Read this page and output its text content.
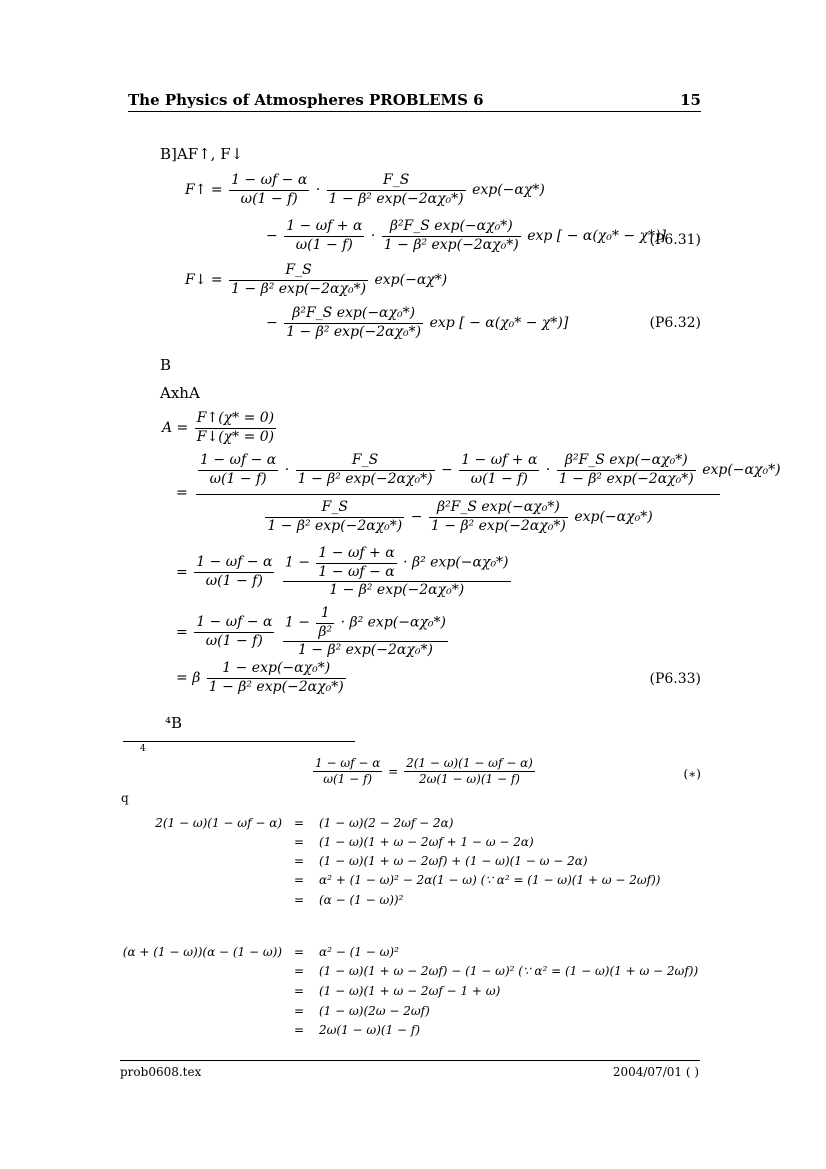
The Physics of Atmospheres PROBLEMS 6	15
B]AF↑, F↓
F↑ = $\frac{1 - \omega f - \alpha}{\omega(1 - f)} \cdot \frac{F\_S}{\text{1 − β² exp(−2αχ₀*)}} \exp(-\alpha\chi*)$
− $\frac{1 - \omega f + \alpha}{\omega(1 - f)} \cdot \frac{\text{β²F\_S exp(−αχ₀*)}}{\text{1 − β² exp(−2αχ₀*)}}$ exp [ − α(χ₀* − χ*)]
(P6.31)
F↓ = $\frac{F\_S}{\text{1 − β² exp(−2αχ₀*)}} \exp(-\alpha\chi*)$
− $\frac{\text{β²F\_S exp(−αχ₀*)}}{\text{1 − β² exp(−2αχ₀*)}}$ exp [ − α(χ₀* − χ*)]	(P6.32)
B
AxhA
$A = \frac{F↑(\chi* = 0)}{F↓(\chi* = 0)}$
=
$\frac{1 - \omega f - \alpha}{\omega(1 - f)} \cdot \frac{F\_S}{\text{1 − β² exp(−2αχ₀*)}} - \frac{1 - \omega f + \alpha}{\omega(1 - f)} \cdot \frac{\text{β²F\_S exp(−αχ₀*)}}{\text{1 − β² exp(−2αχ₀*)}} \exp(-\alpha\chi_0*)$
$\frac{F\_S}{\text{1 − β² exp(−2αχ₀*)}} - \frac{\text{β²F\_S exp(−αχ₀*)}}{\text{1 − β² exp(−2αχ₀*)}} \exp(-\alpha\chi_0*)$
= $\frac{1 - \omega f - \alpha}{\omega(1 - f)}$
$\frac{1 - \frac{1 - \omega f + \alpha}{1 - \omega f - \alpha} \cdot \beta^2 \exp(-\alpha\chi_0*)}{\text{1 − β² exp(−2αχ₀*)}}$
= $\frac{1 - \omega f - \alpha}{\omega(1 - f)}$
$\frac{1 - \frac{1}{\text{β²}} \cdot \beta^2 \exp(-\alpha\chi_0*)}{\text{1 − β² exp(−2αχ₀*)}}$
= β $\frac{\text{1 − exp(−αχ₀*)}}{\text{1 − β² exp(−2αχ₀*)}}$	(P6.33)
⁴B
4
$\frac{1 - \omega f - \alpha}{\omega(1 - f)} = \frac{2(1 - \omega)(1 - \omega f - \alpha)}{2\omega(1 - \omega)(1 - f)}$	(∗)
q
2(1 − ω)(1 − ωf − α) = (1 − ω)(2 − 2ωf − 2α)
= (1 − ω)(1 + ω − 2ωf + 1 − ω − 2α)
= (1 − ω)(1 + ω − 2ωf) + (1 − ω)(1 − ω − 2α)
= α² + (1 − ω)² − 2α(1 − ω) (∵ α² = (1 − ω)(1 + ω − 2ωf))
= (α − (1 − ω))²
(α + (1 − ω))(α − (1 − ω)) = α² − (1 − ω)²
= (1 − ω)(1 + ω − 2ωf) − (1 − ω)² (∵ α² = (1 − ω)(1 + ω − 2ωf))
= (1 − ω)(1 + ω − 2ωf − 1 + ω)
= (1 − ω)(2ω − 2ωf)
= 2ω(1 − ω)(1 − f)
prob0608.tex	2004/07/01 ( )
